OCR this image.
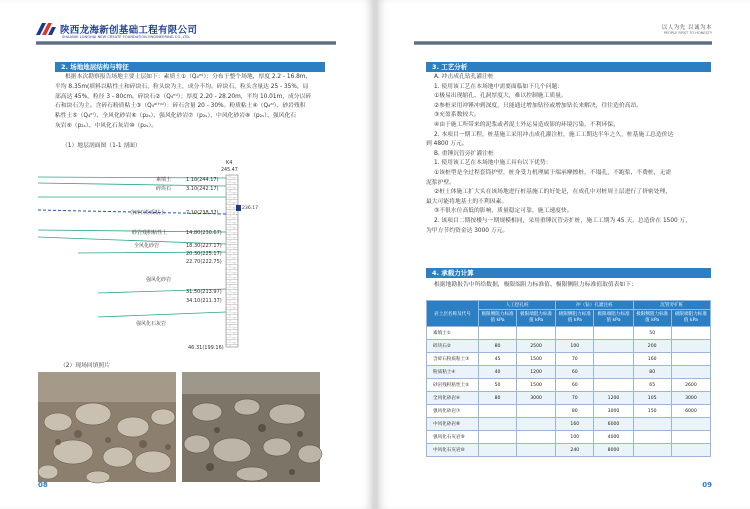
陕西龙海新创基础工程有限公司
SHAANXI LONGHAI NEW CREATE FOUNDATION ENGINEERING CO.,LTD.
2. 场地地层结构与特征
根据本次勘察报告场地主要土层如下：素填土①（Q₄ᵐˡ）：分布于整个场地，厚度 2.2 - 16.8m，
平均 8.35m(填料以粘性土和碎块石，粒头块为主，成分不均。碎块石，粒头含量达 25 - 35%，局
部高达 45%，粒径 3 - 80cm。碎块石②（Q₄ᵐˡ）；厚度 2.20 - 28.20m，平均 10.01m，成分以碎
石和块石为主。含碎石粉质粘土③（Q₄ᵃˡ⁺ᵖˡ）：碎石含量 20 - 30%。粉质粘土④（Q₄ᵃˡ）、砂岩残积
粘性土⑤（Q₄ᵉˡ）、全风化砂岩⑥（p₂ₛ）、强风化砂岩⑦（p₂ₛ）、中风化砂岩⑧（p₂ₛ）、强风化石
灰岩⑨（p₂ₛ）、中风化石灰岩⑩（p₂ₛ）。
（1）地层剖面图（1-1 剖面）
K4
245.47
236.17
素填土	1.10(244.17)
碎块石	3.10(242.17)
含碎石粉质粘土	7.10(238.37)
砂岩残积粘性土	14.80(230.67)
全风化砂岩	18.30(227.17)
20.30(225.17)
22.70(222.75)
强风化砂岩
31.50(213.97)
34.10(211.37)
强风化石灰岩
46.31(199.16)
（2）现场回填照片
08
以人为先 以诚为本
PEOPLE FIRST TO HONESTY
3. 工艺分析
A. 冲击成孔钻孔灌注桩
1. 使用该工艺在本场地中需要面临如下几个问题：
①极易出现缩孔、孔洞厚度大，难以控制施工质量。
②参桩采用冲锤冲到深度，只能通过增加钻径或增加钻长来解决，往往造价高昂。
③充盈系数较大。
④由于施工所带来的泥浆或者混土外运易造成影的环境污染，不利环保。
2. 本项目一期工程，桩基施工采用冲击成孔灌注桩，施工工期达半年之久，桩基施工总造价达
到 4800 万元。
B. 重锤沉管旁扩灌注桩
1. 使用该工艺在本场地中施工具有以下优势：
①该桩型是全过程套筒护壁，桩身受力机理属于端承摩擦桩，不塌孔，不跑浆，不费桩，无需
泥浆护壁。
②桩土体施工扩大头在该场地进行桩基施工的好处是，在成孔中对桩周土层进行了挤密处理，
最大可能将地基土的不利因素。
③不很水位高低的影响，质量稳定可靠，施工速度快。
2. 该项目二期按楼与一期规模相同，采用重锤沉管旁扩桩，施工工期为 45 天，总造价在 1500 万，
为甲方节约资金达 3000 万元。
4. 承载力计算
根据地勘报告中所给数据，极限端阻力标准值、极限侧阻力标准值取值表如下：
09
岩土层名称及代号	人工挖孔桩		冲（钻）孔灌注桩		沉管旁扩桩	
	极限侧阻力标准值 kPa	极限端阻力标准值 kPa	极限侧阻力标准值 kPa	极限端阻力标准值 kPa	极限侧阻力标准值 kPa	极限端阻力标准值 kPa
素填土①					50	
碎块石②	80	2500	100		200	
含碎石粉质粘土③	45	1500	70		160	
粉质粘土④	40	1200	60		80	
砂岩残积粘性土⑤	50	1500	60		65	2600
全风化砂岩⑥	80	3000	70	1200	105	3000
强风化砂岩⑦			80	3000	150	6000
中风化砂岩⑧			160	6000		
强风化石灰岩⑨			100	4000		
中风化石灰岩⑩			240	8000		
